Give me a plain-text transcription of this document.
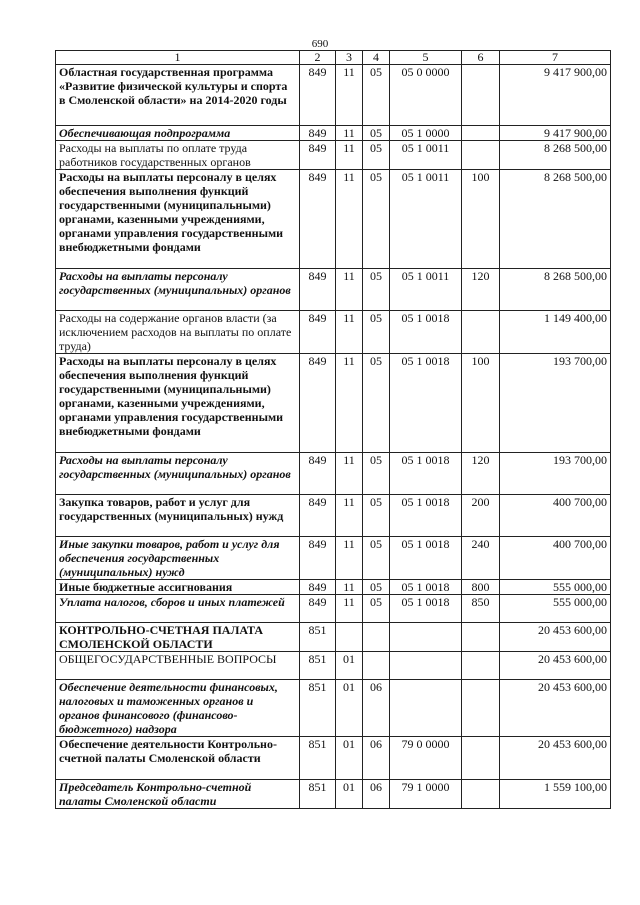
690
1	2	3	4	5	6	7
Областная государственная программа «Развитие физической культуры и спорта в Смоленской области» на 2014-2020 годы	849	11	05	05 0 0000		9 417 900,00
Обеспечивающая подпрограмма	849	11	05	05 1 0000		9 417 900,00
Расходы на выплаты по оплате труда работников государственных органов	849	11	05	05 1 0011		8 268 500,00
Расходы на выплаты персоналу в целях обеспечения выполнения функций государственными (муниципальными) органами, казенными учреждениями, органами управления государственными внебюджетными фондами	849	11	05	05 1 0011	100	8 268 500,00
Расходы на выплаты персоналу государственных (муниципальных) органов	849	11	05	05 1 0011	120	8 268 500,00
Расходы на содержание органов власти (за исключением расходов на выплаты по оплате труда)	849	11	05	05 1 0018		1 149 400,00
Расходы на выплаты персоналу в целях обеспечения выполнения функций государственными (муниципальными) органами, казенными учреждениями, органами управления государственными внебюджетными фондами	849	11	05	05 1 0018	100	193 700,00
Расходы на выплаты персоналу государственных (муниципальных) органов	849	11	05	05 1 0018	120	193 700,00
Закупка товаров, работ и услуг для государственных (муниципальных) нужд	849	11	05	05 1 0018	200	400 700,00
Иные закупки товаров, работ и услуг для обеспечения государственных (муниципальных) нужд	849	11	05	05 1 0018	240	400 700,00
Иные бюджетные ассигнования	849	11	05	05 1 0018	800	555 000,00
Уплата налогов, сборов и иных платежей	849	11	05	05 1 0018	850	555 000,00
КОНТРОЛЬНО-СЧЕТНАЯ ПАЛАТА СМОЛЕНСКОЙ ОБЛАСТИ	851					20 453 600,00
ОБЩЕГОСУДАРСТВЕННЫЕ ВОПРОСЫ	851	01				20 453 600,00
Обеспечение деятельности финансовых, налоговых и таможенных органов и органов финансового (финансово-бюджетного) надзора	851	01	06			20 453 600,00
Обеспечение деятельности Контрольно-счетной палаты Смоленской области	851	01	06	79 0 0000		20 453 600,00
Председатель Контрольно-счетной палаты Смоленской области	851	01	06	79 1 0000		1 559 100,00
